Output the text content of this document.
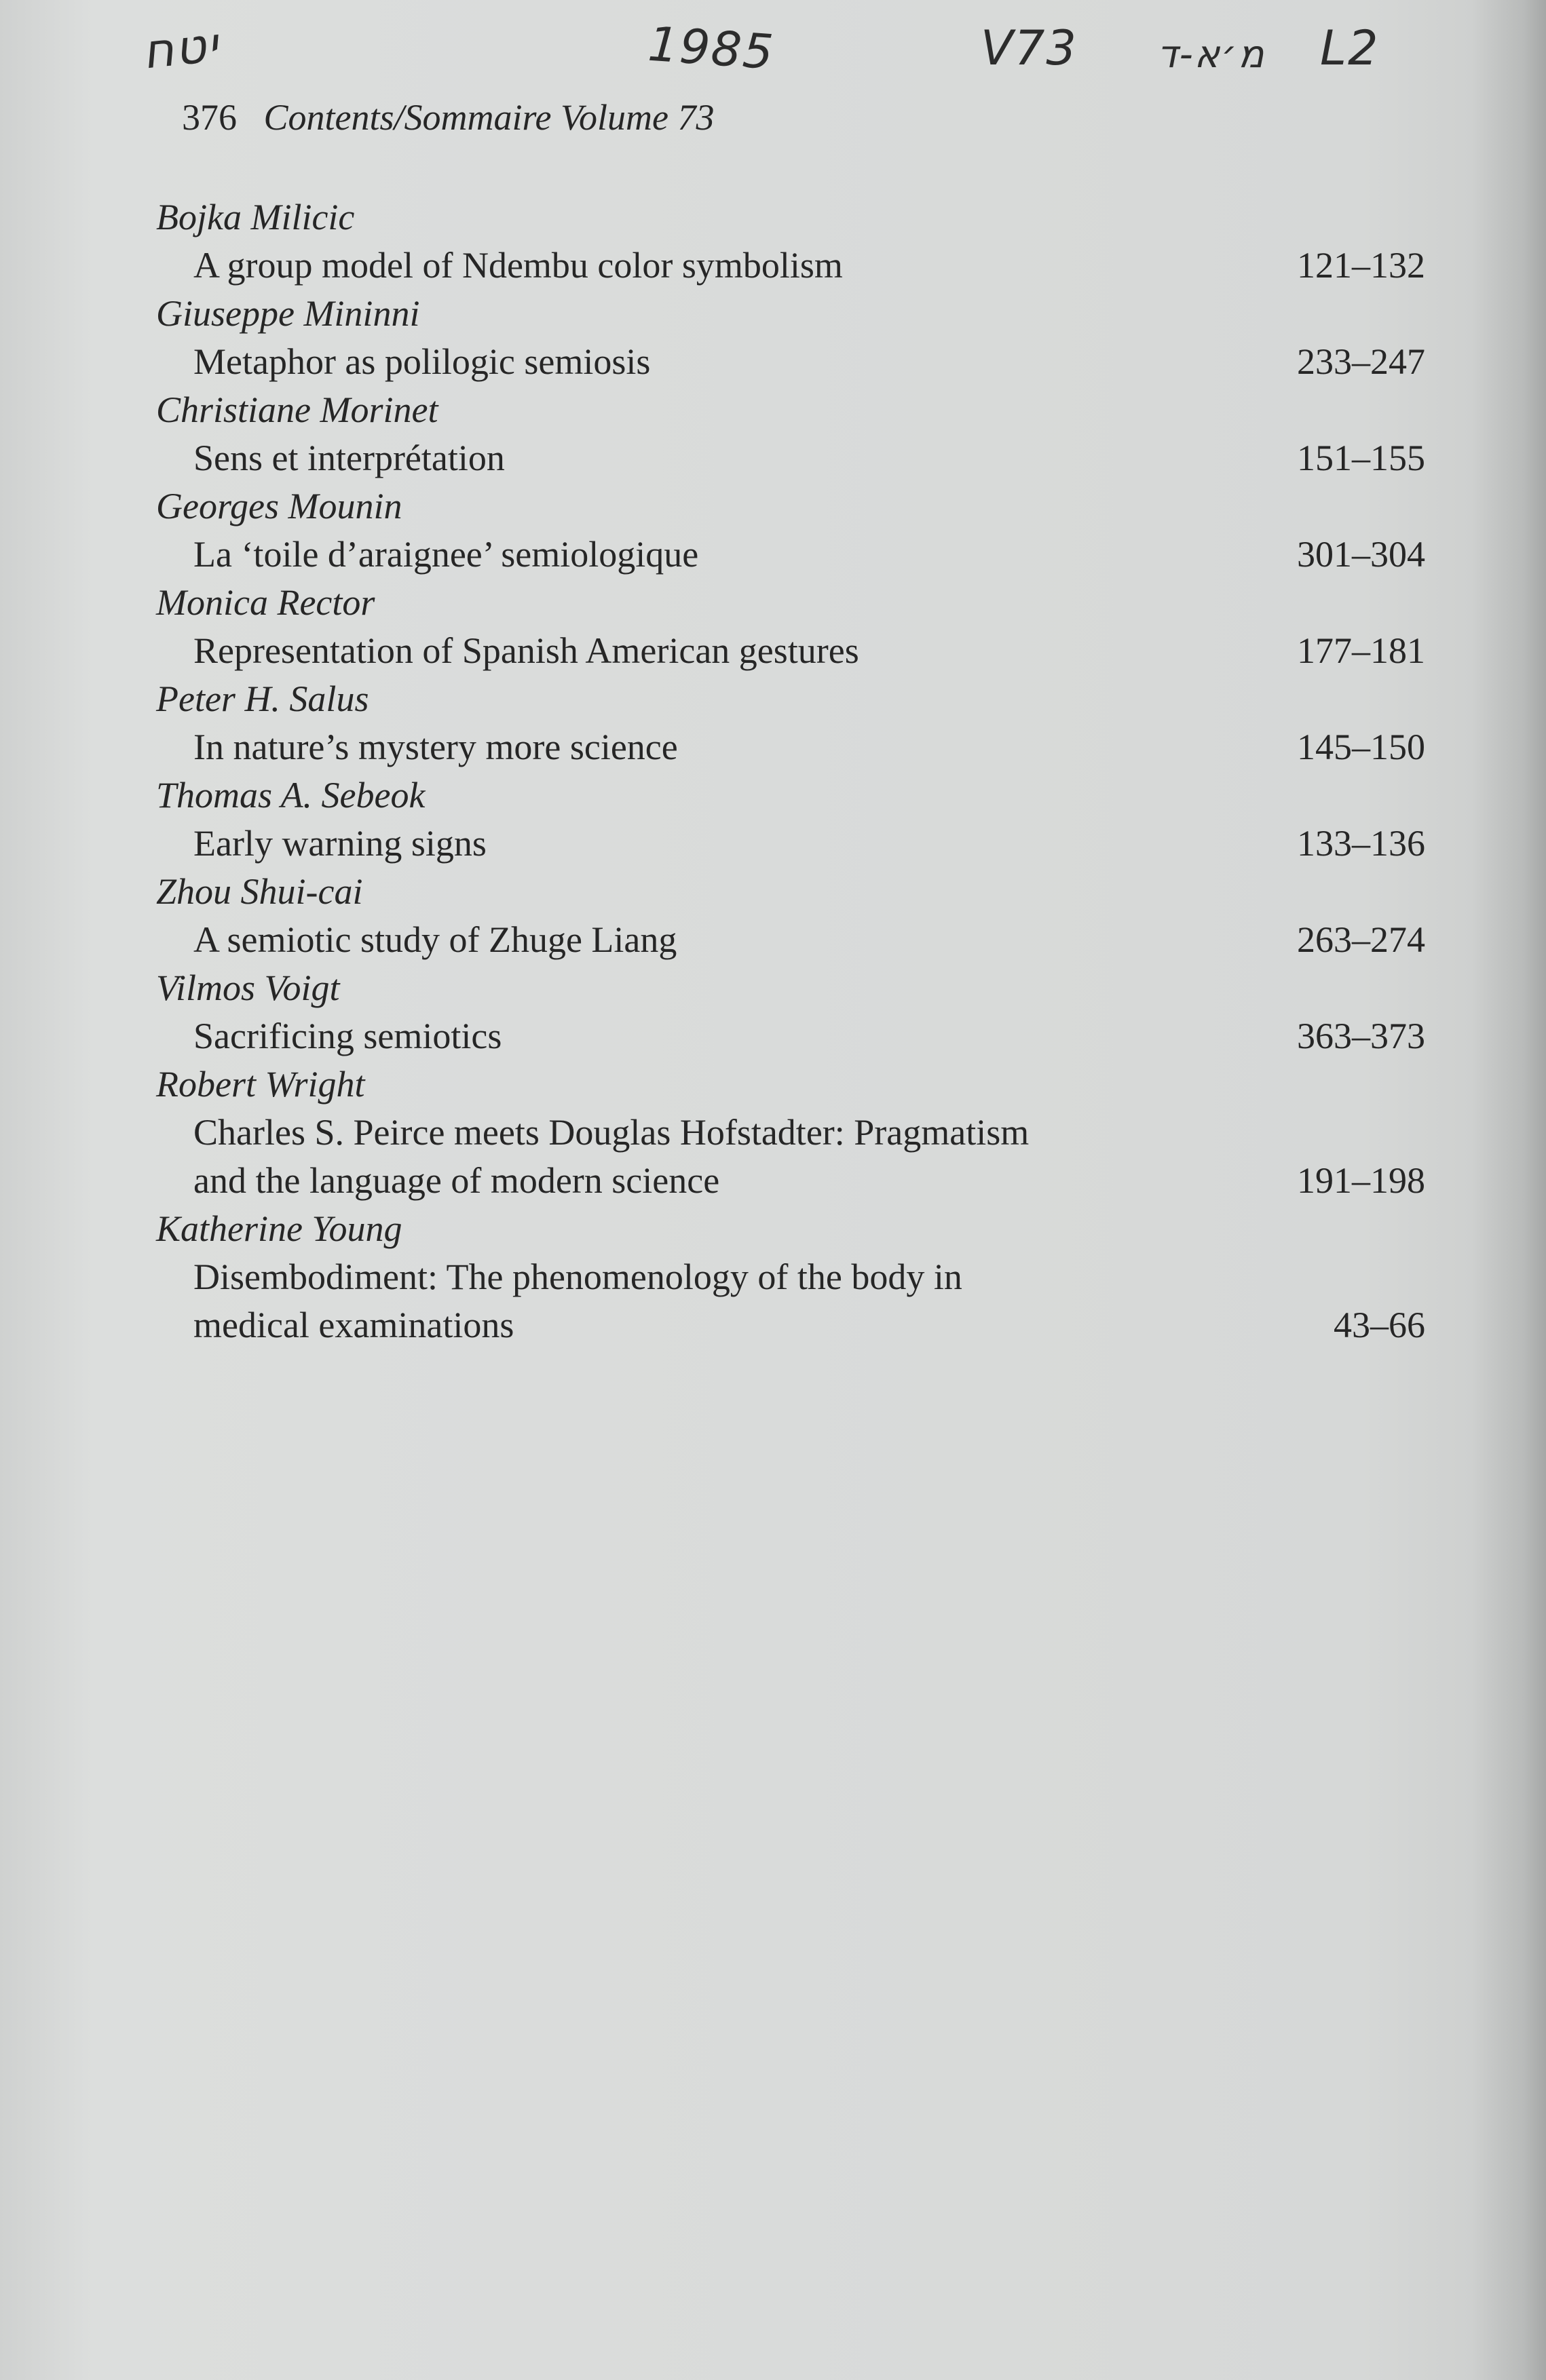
יטח	1985	V73 מ׳א-ד L2
376 Contents/Sommaire Volume 73
Bojka Milicic
A group model of Ndembu color symbolism	121–132
Giuseppe Mininni
Metaphor as polilogic semiosis	233–247
Christiane Morinet
Sens et interprétation	151–155
Georges Mounin
La ‘toile d’araignee’ semiologique	301–304
Monica Rector
Representation of Spanish American gestures	177–181
Peter H. Salus
In nature’s mystery more science	145–150
Thomas A. Sebeok
Early warning signs	133–136
Zhou Shui-cai
A semiotic study of Zhuge Liang	263–274
Vilmos Voigt
Sacrificing semiotics	363–373
Robert Wright
Charles S. Peirce meets Douglas Hofstadter: Pragmatism
and the language of modern science	191–198
Katherine Young
Disembodiment: The phenomenology of the body in
medical examinations	43–66
